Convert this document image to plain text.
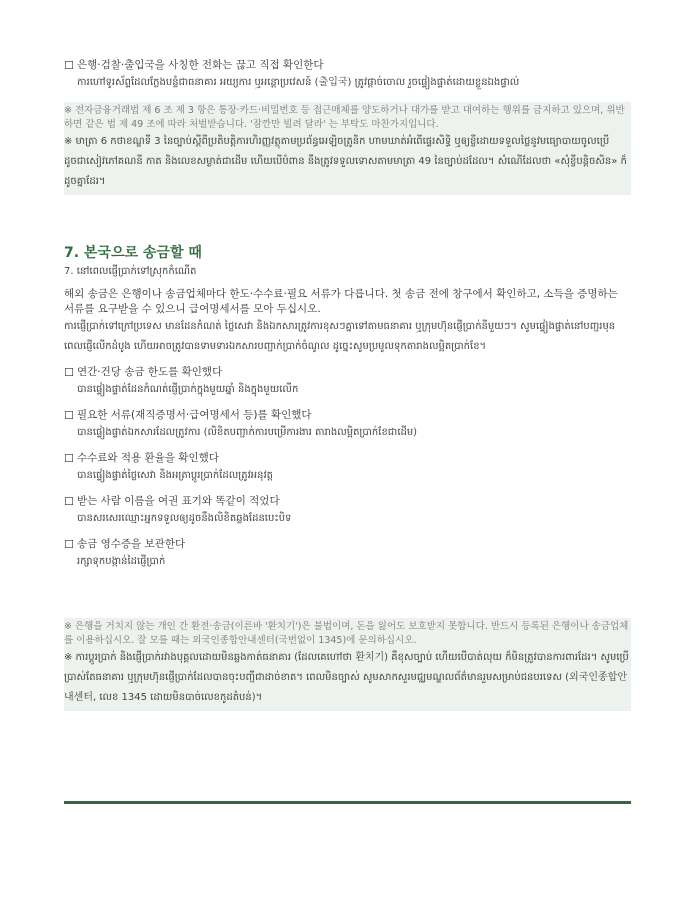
☐ 은행·검찰·출입국을 사칭한 전화는 끊고 직접 확인한다
ការហៅទូរស័ព្ទដែលក្លែងបន្លំជាធនាគារ អយ្យការ ឬអន្តោប្រវេសន៍ (출입국) ត្រូវផ្ដាច់ចោល រួចផ្ទៀងផ្ទាត់ដោយខ្លួនឯងផ្ទាល់
※ 전자금융거래법 제 6 조 제 3 항은 통장·카드·비밀번호 등 접근매체를 양도하거나 대가를 받고 대여하는 행위를 금지하고 있으며, 위반하면 같은 법 제 49 조에 따라 처벌받습니다. '잠깐만 빌려 달라' 는 부탁도 마찬가지입니다.
※ មាត្រា 6 កថាខណ្ឌទី 3 នៃច្បាប់ស្ដីពីប្រតិបត្តិការហិរញ្ញវត្ថុតាមប្រព័ន្ធអេឡិចត្រូនិក ហាមឃាត់អំពើផ្ទេរសិទ្ធិ ឬឲ្យខ្ចីដោយទទួលថ្លៃនូវមធ្យោបាយចូលប្រើ ដូចជាសៀវភៅគណនី កាត និងលេខសម្ងាត់ជាដើម ហើយបើបំពាន នឹងត្រូវទទួលទោសតាមមាត្រា 49 នៃច្បាប់ដដែល។ សំណើដែលថា «សុំខ្ចីបន្តិចសិន» ក៏ដូចគ្នាដែរ។
7. 본국으로 송금할 때
7. នៅពេលផ្ញើប្រាក់ទៅស្រុកកំណើត

해외 송금은 은행이나 송금업체마다 한도·수수료·필요 서류가 다릅니다. 첫 송금 전에 창구에서 확인하고, 소득을 증명하는 서류를 요구받을 수 있으니 급여명세서를 모아 두십시오.

ការផ្ញើប្រាក់ទៅក្រៅប្រទេស មានដែនកំណត់ ថ្លៃសេវា និងឯកសារត្រូវការខុសៗគ្នាទៅតាមធនាគារ ឬក្រុមហ៊ុនផ្ញើប្រាក់នីមួយៗ។ សូមផ្ទៀងផ្ទាត់នៅបញ្ជរមុនពេលផ្ញើលើកដំបូង ហើយអាចត្រូវបានទាមទារឯកសារបញ្ជាក់ប្រាក់ចំណូល ដូច្នេះសូមប្រមូលទុកតារាងលម្អិតប្រាក់ខែ។

☐ 연간·건당 송금 한도를 확인했다
បានផ្ទៀងផ្ទាត់ដែនកំណត់ផ្ញើប្រាក់ក្នុងមួយឆ្នាំ និងក្នុងមួយលើក
☐ 필요한 서류(재직증명서·급여명세서 등)를 확인했다
បានផ្ទៀងផ្ទាត់ឯកសារដែលត្រូវការ (លិខិតបញ្ជាក់ការបម្រើការងារ តារាងលម្អិតប្រាក់ខែជាដើម)
☐ 수수료와 적용 환율을 확인했다
បានផ្ទៀងផ្ទាត់ថ្លៃសេវា និងអត្រាប្ដូរប្រាក់ដែលត្រូវអនុវត្ត
☐ 받는 사람 이름을 여권 표기와 똑같이 적었다
បានសរសេរឈ្មោះអ្នកទទួលឲ្យដូចនឹងលិខិតឆ្លងដែនបេះបិទ
☐ 송금 영수증을 보관한다
រក្សាទុកបង្កាន់ដៃផ្ញើប្រាក់
※ 은행을 거치지 않는 개인 간 환전·송금(이른바 '환치기')은 불법이며, 돈을 잃어도 보호받지 못합니다. 반드시 등록된 은행이나 송금업체를 이용하십시오. 잘 모를 때는 외국인종합안내센터(국번없이 1345)에 문의하십시오.
※ ការប្ដូរប្រាក់ និងផ្ញើប្រាក់រវាងបុគ្គលដោយមិនឆ្លងកាត់ធនាគារ (ដែលគេហៅថា 환치기) គឺខុសច្បាប់ ហើយបើបាត់លុយ ក៏មិនត្រូវបានការពារដែរ។ សូមប្រើប្រាស់តែធនាគារ ឬក្រុមហ៊ុនផ្ញើប្រាក់ដែលបានចុះបញ្ជីជាដាច់ខាត។ ពេលមិនច្បាស់ សូមសាកសួរមជ្ឈមណ្ឌលព័ត៌មានរួមសម្រាប់ជនបរទេស (외국인종합안내센터, លេខ 1345 ដោយមិនបាច់លេខកូដតំបន់)។
